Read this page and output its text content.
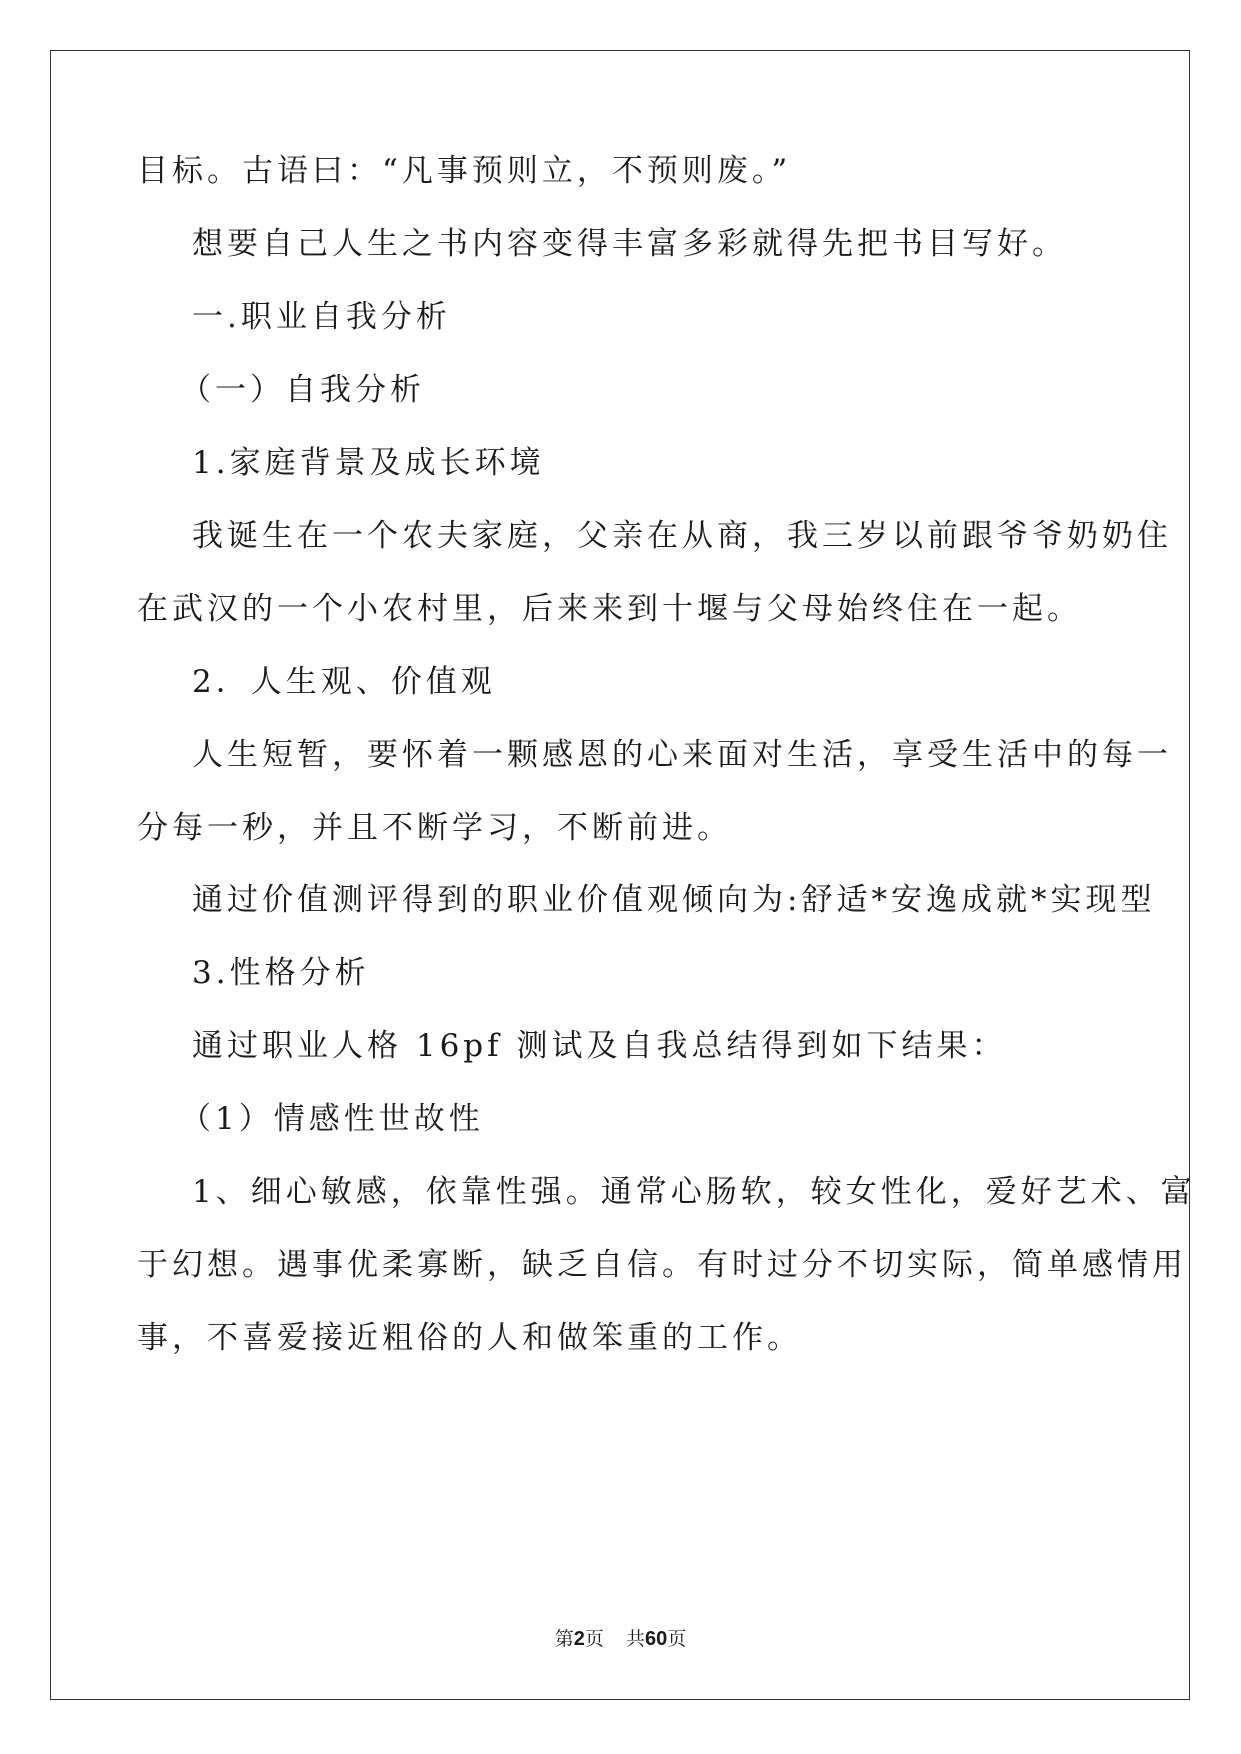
目标。古语曰：“凡事预则立，不预则废。”
想要自己人生之书内容变得丰富多彩就得先把书目写好。
一.职业自我分析
（一）自我分析
1.家庭背景及成长环境
我诞生在一个农夫家庭，父亲在从商，我三岁以前跟爷爷奶奶住
在武汉的一个小农村里，后来来到十堰与父母始终住在一起。
2．人生观、价值观
人生短暂，要怀着一颗感恩的心来面对生活，享受生活中的每一
分每一秒，并且不断学习，不断前进。
通过价值测评得到的职业价值观倾向为:舒适*安逸成就*实现型
3.性格分析
通过职业人格 16pf 测试及自我总结得到如下结果：
（1）情感性世故性
1、细心敏感，依靠性强。通常心肠软，较女性化，爱好艺术、富
于幻想。遇事优柔寡断，缺乏自信。有时过分不切实际，简单感情用
事，不喜爱接近粗俗的人和做笨重的工作。
第2页 共60页
